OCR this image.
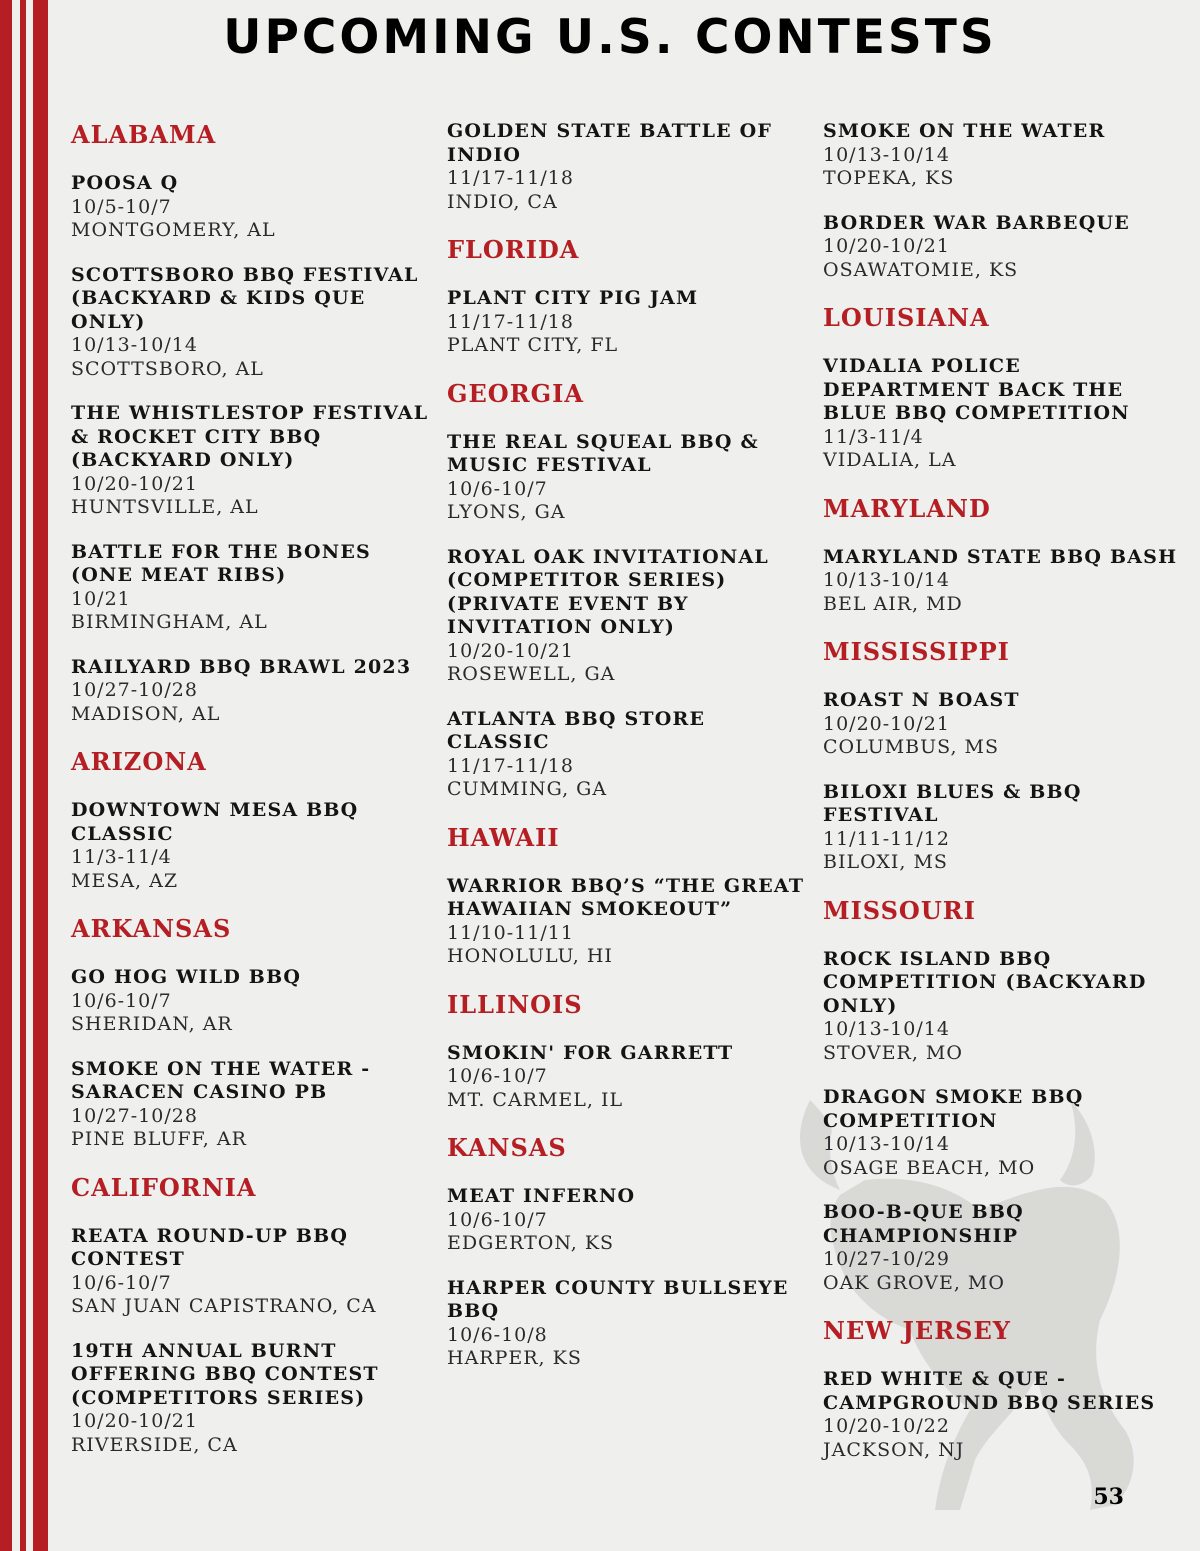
UPCOMING U.S. CONTESTS
ALABAMA
POOSA Q
10/5-10/7
MONTGOMERY, AL
SCOTTSBORO BBQ FESTIVAL (BACKYARD & KIDS QUE ONLY)
10/13-10/14
SCOTTSBORO, AL
THE WHISTLESTOP FESTIVAL & ROCKET CITY BBQ (BACKYARD ONLY)
10/20-10/21
HUNTSVILLE, AL
BATTLE FOR THE BONES (ONE MEAT RIBS)
10/21
BIRMINGHAM, AL
RAILYARD BBQ BRAWL 2023
10/27-10/28
MADISON, AL
ARIZONA
DOWNTOWN MESA BBQ CLASSIC
11/3-11/4
MESA, AZ
ARKANSAS
GO HOG WILD BBQ
10/6-10/7
SHERIDAN, AR
SMOKE ON THE WATER - SARACEN CASINO PB
10/27-10/28
PINE BLUFF, AR
CALIFORNIA
REATA ROUND-UP BBQ CONTEST
10/6-10/7
SAN JUAN CAPISTRANO, CA
19TH ANNUAL BURNT OFFERING BBQ CONTEST (COMPETITORS SERIES)
10/20-10/21
RIVERSIDE, CA
GOLDEN STATE BATTLE OF INDIO
11/17-11/18
INDIO, CA
FLORIDA
PLANT CITY PIG JAM
11/17-11/18
PLANT CITY, FL
GEORGIA
THE REAL SQUEAL BBQ & MUSIC FESTIVAL
10/6-10/7
LYONS, GA
ROYAL OAK INVITATIONAL (COMPETITOR SERIES) (PRIVATE EVENT BY INVITATION ONLY)
10/20-10/21
ROSEWELL, GA
ATLANTA BBQ STORE CLASSIC
11/17-11/18
CUMMING, GA
HAWAII
WARRIOR BBQ’S “THE GREAT HAWAIIAN SMOKEOUT”
11/10-11/11
HONOLULU, HI
ILLINOIS
SMOKIN' FOR GARRETT
10/6-10/7
MT. CARMEL, IL
KANSAS
MEAT INFERNO
10/6-10/7
EDGERTON, KS
HARPER COUNTY BULLSEYE BBQ
10/6-10/8
HARPER, KS
SMOKE ON THE WATER
10/13-10/14
TOPEKA, KS
BORDER WAR BARBEQUE
10/20-10/21
OSAWATOMIE, KS
LOUISIANA
VIDALIA POLICE DEPARTMENT BACK THE BLUE BBQ COMPETITION
11/3-11/4
VIDALIA, LA
MARYLAND
MARYLAND STATE BBQ BASH
10/13-10/14
BEL AIR, MD
MISSISSIPPI
ROAST N BOAST
10/20-10/21
COLUMBUS, MS
BILOXI BLUES & BBQ FESTIVAL
11/11-11/12
BILOXI, MS
MISSOURI
ROCK ISLAND BBQ COMPETITION (BACKYARD ONLY)
10/13-10/14
STOVER, MO
DRAGON SMOKE BBQ COMPETITION
10/13-10/14
OSAGE BEACH, MO
BOO-B-QUE BBQ CHAMPIONSHIP
10/27-10/29
OAK GROVE, MO
NEW JERSEY
RED WHITE & QUE - CAMPGROUND BBQ SERIES
10/20-10/22
JACKSON, NJ
53
